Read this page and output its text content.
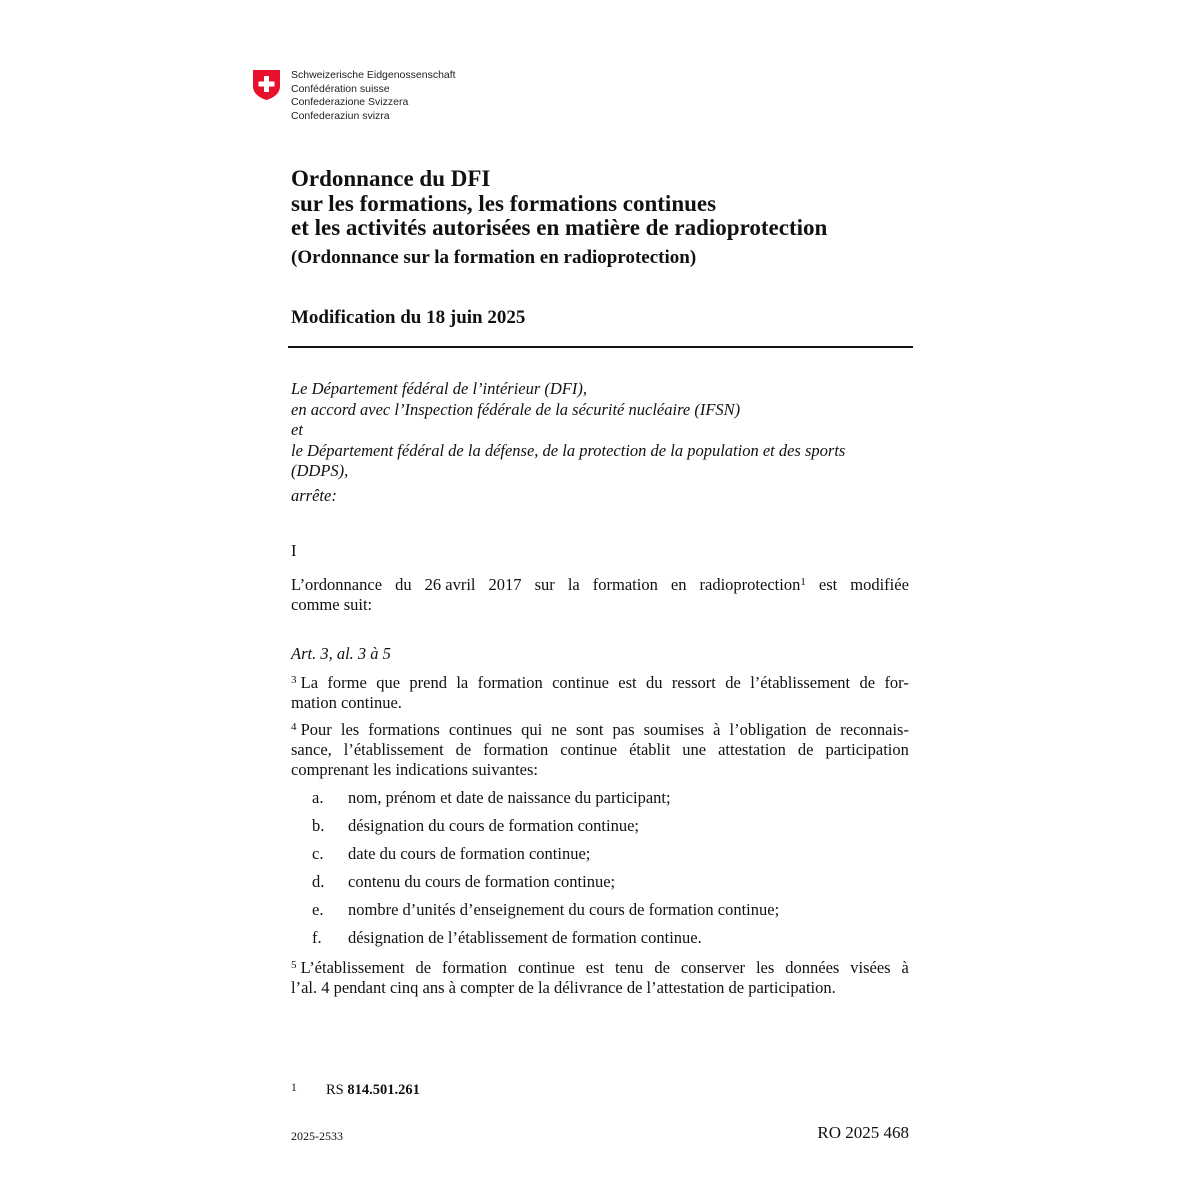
Schweizerische Eidgenossenschaft
Confédération suisse
Confederazione Svizzera
Confederaziun svizra
Ordonnance du DFI
sur les formations, les formations continues
et les activités autorisées en matière de radioprotection
(Ordonnance sur la formation en radioprotection)
Modification du 18 juin 2025
Le Département fédéral de l’intérieur (DFI),
en accord avec l’Inspection fédérale de la sécurité nucléaire (IFSN)
et
le Département fédéral de la défense, de la protection de la population et des sports
(DDPS),
arrête:
I
L’ordonnance du 26 avril 2017 sur la formation en radioprotection$^1$ est modifiée
comme suit:
Art. 3, al. 3 à 5
$^3$ La forme que prend la formation continue est du ressort de l’établissement de for-
mation continue.
$^4$ Pour les formations continues qui ne sont pas soumises à l’obligation de reconnais-
sance, l’établissement de formation continue établit une attestation de participation
comprenant les indications suivantes:
a.	nom, prénom et date de naissance du participant;
b.	désignation du cours de formation continue;
c.	date du cours de formation continue;
d.	contenu du cours de formation continue;
e.	nombre d’unités d’enseignement du cours de formation continue;
f.	désignation de l’établissement de formation continue.
$^5$ L’établissement de formation continue est tenu de conserver les données visées à
l’al. 4 pendant cinq ans à compter de la délivrance de l’attestation de participation.
1 RS 814.501.261
2025-2533	RO 2025 468
